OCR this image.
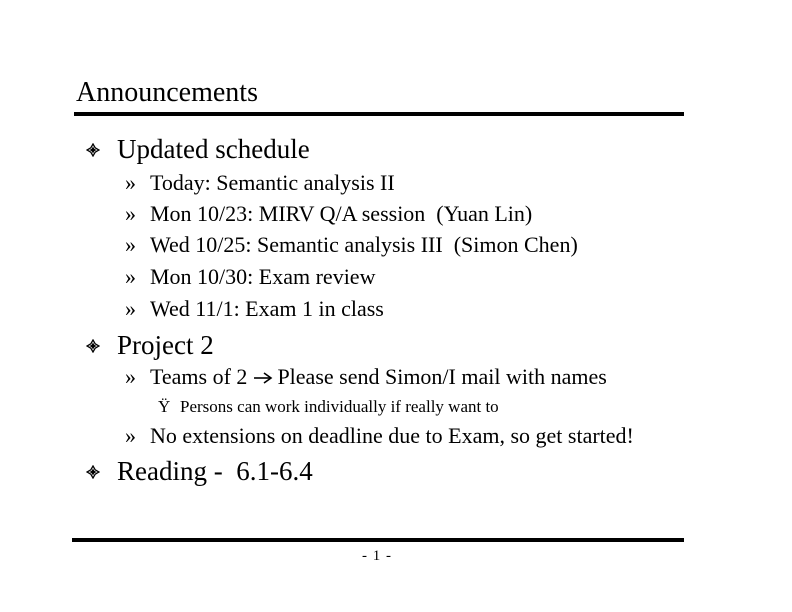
Announcements
Updated schedule
» Today: Semantic analysis II
» Mon 10/23: MIRV Q/A session  (Yuan Lin)
» Wed 10/25: Semantic analysis III  (Simon Chen)
» Mon 10/30: Exam review
» Wed 11/1: Exam 1 in class
Project 2
» Teams of 2 Please send Simon/I mail with names
Ÿ Persons can work individually if really want to
» No extensions on deadline due to Exam, so get started!
Reading -  6.1-6.4
- 1 -
